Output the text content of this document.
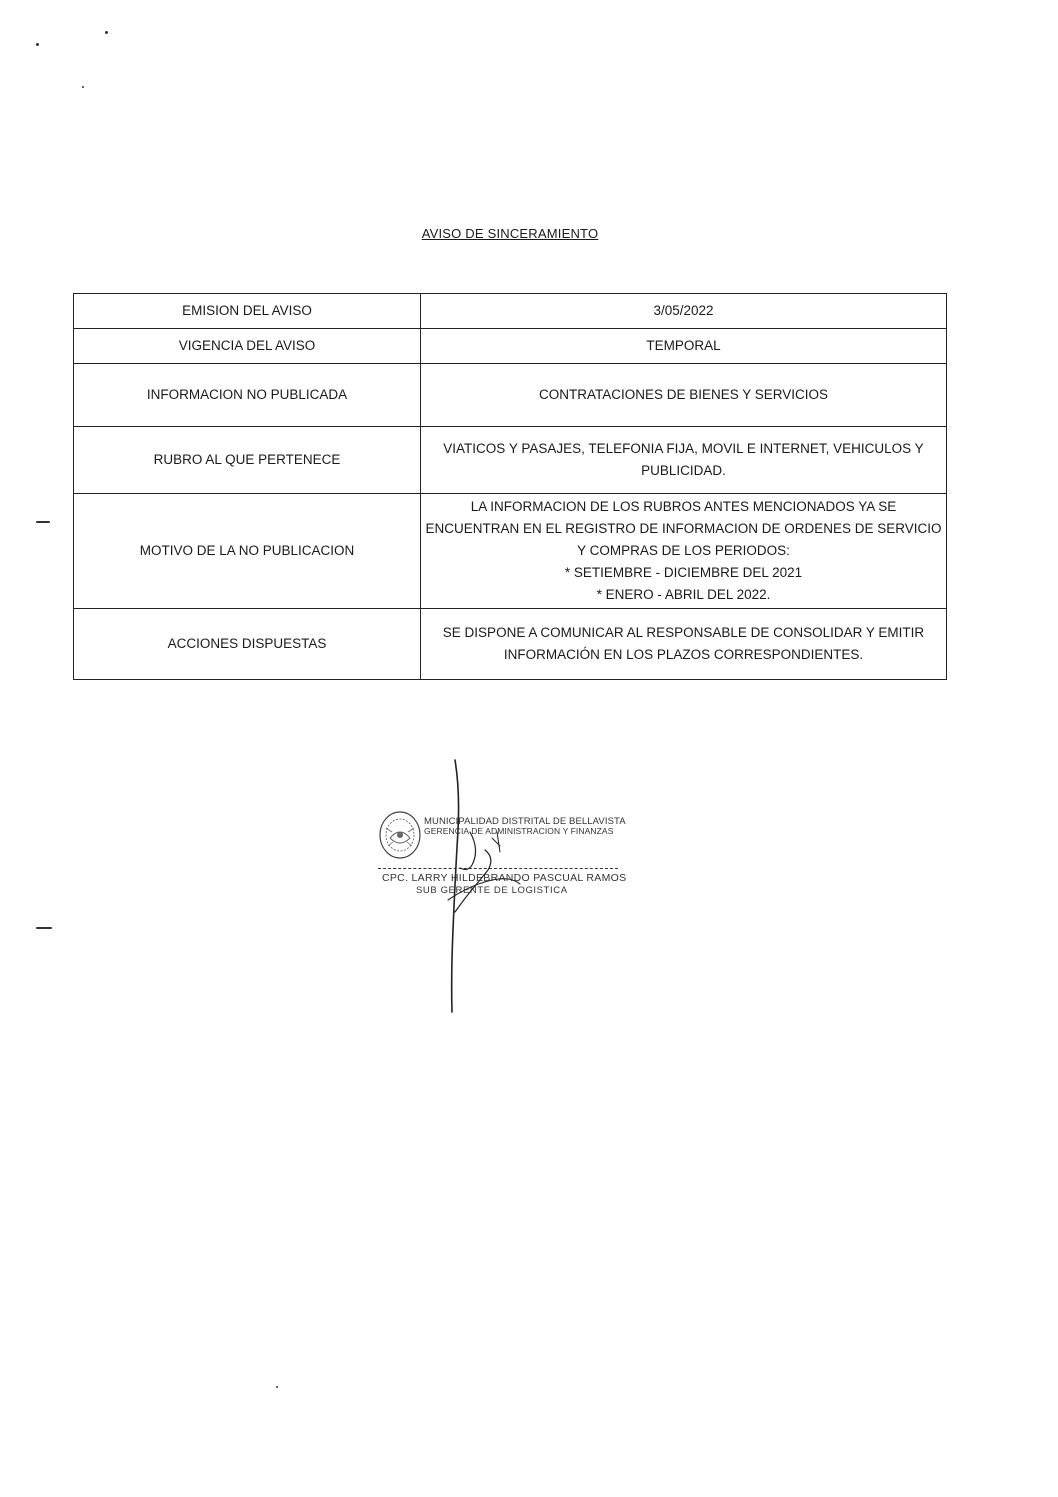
AVISO DE SINCERAMIENTO
EMISION DEL AVISO	3/05/2022

VIGENCIA DEL AVISO	TEMPORAL

INFORMACION NO PUBLICADA	CONTRATACIONES DE BIENES Y SERVICIOS

RUBRO AL QUE PERTENECE	VIATICOS Y PASAJES, TELEFONIA FIJA, MOVIL E INTERNET, VEHICULOS Y
PUBLICIDAD.

MOTIVO DE LA NO PUBLICACION	LA INFORMACION DE LOS RUBROS ANTES MENCIONADOS YA SE
ENCUENTRAN EN EL REGISTRO DE INFORMACION DE ORDENES DE SERVICIO
Y COMPRAS DE LOS PERIODOS:
* SETIEMBRE - DICIEMBRE DEL 2021
* ENERO - ABRIL DEL 2022.

ACCIONES DISPUESTAS	SE DISPONE A COMUNICAR AL RESPONSABLE DE CONSOLIDAR Y EMITIR
INFORMACIÓN EN LOS PLAZOS CORRESPONDIENTES.
MUNICIPALIDAD DISTRITAL DE BELLAVISTA
GERENCIA DE ADMINISTRACION Y FINANZAS
CPC. LARRY HILDEBRANDO PASCUAL RAMOS
SUB GERENTE DE LOGISTICA
